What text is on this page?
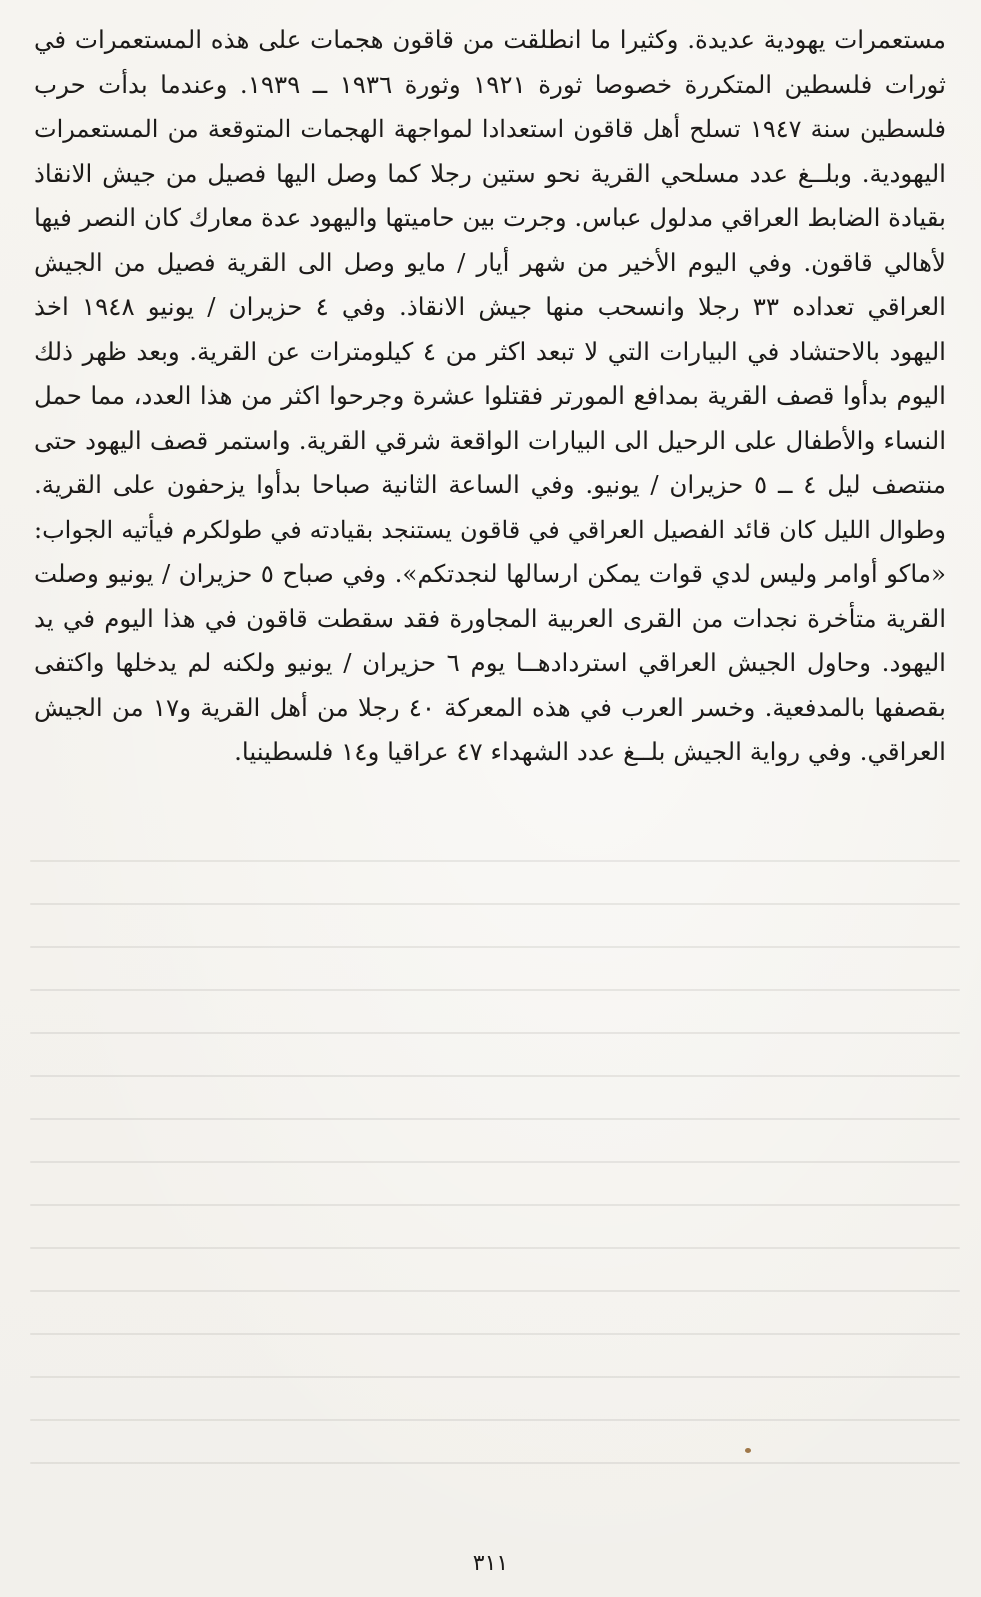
مستعمرات يهودية عديدة. وكثيرا ما انطلقت من قاقون هجمات على هذه المستعمرات في
ثورات فلسطين المتكررة خصوصا ثورة ١٩٢١ وثورة ١٩٣٦ ــ ١٩٣٩. وعندما بدأت حرب
فلسطين سنة ١٩٤٧ تسلح أهل قاقون استعدادا لمواجهة الهجمات المتوقعة من المستعمرات
اليهودية. وبلــغ عدد مسلحي القرية نحو ستين رجلا كما وصل اليها فصيل من جيش الانقاذ
بقيادة الضابط العراقي مدلول عباس. وجرت بين حاميتها واليهود عدة معارك كان النصر فيها
لأهالي قاقون. وفي اليوم الأخير من شهر أيار / مايو وصل الى القرية فصيل من الجيش
العراقي تعداده ٣٣ رجلا وانسحب منها جيش الانقاذ. وفي ٤ حزيران / يونيو ١٩٤٨ اخذ
اليهود بالاحتشاد في البيارات التي لا تبعد اكثر من ٤ كيلومترات عن القرية. وبعد ظهر ذلك
اليوم بدأوا قصف القرية بمدافع المورتر فقتلوا عشرة وجرحوا اكثر من هذا العدد، مما حمل
النساء والأطفال على الرحيل الى البيارات الواقعة شرقي القرية. واستمر قصف اليهود حتى
منتصف ليل ٤ ــ ٥ حزيران / يونيو. وفي الساعة الثانية صباحا بدأوا يزحفون على القرية.
وطوال الليل كان قائد الفصيل العراقي في قاقون يستنجد بقيادته في طولكرم فيأتيه الجواب:
«ماكو أوامر وليس لدي قوات يمكن ارسالها لنجدتكم». وفي صباح ٥ حزيران / يونيو وصلت
القرية متأخرة نجدات من القرى العربية المجاورة فقد سقطت قاقون في هذا اليوم في يد
اليهود. وحاول الجيش العراقي استردادهــا يوم ٦ حزيران / يونيو ولكنه لم يدخلها واكتفى
بقصفها بالمدفعية. وخسر العرب في هذه المعركة ٤٠ رجلا من أهل القرية و١٧ من الجيش
العراقي. وفي رواية الجيش بلــغ عدد الشهداء ٤٧ عراقيا و١٤ فلسطينيا.
٣١١
